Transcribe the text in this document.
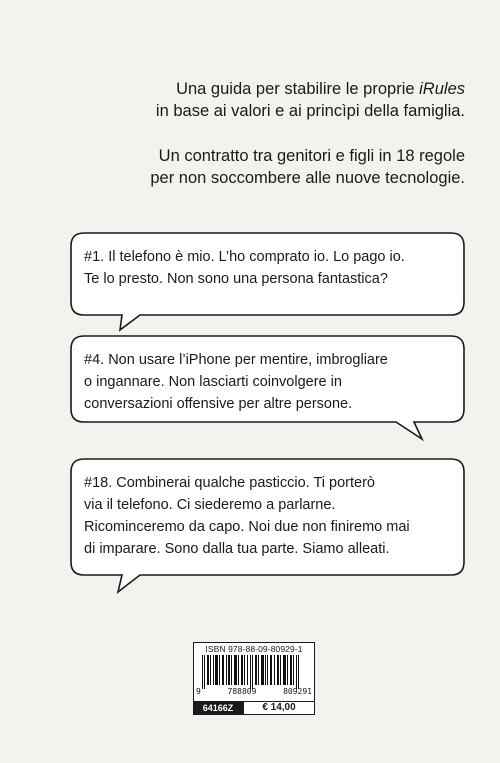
Una guida per stabilire le proprie iRules

in base ai valori e ai princìpi della famiglia.

Un contratto tra genitori e figli in 18 regole

per non soccombere alle nuove tecnologie.

#1. Il telefono è mio. L’ho comprato io. Lo pago io.

Te lo presto. Non sono una persona fantastica?

#4. Non usare l’iPhone per mentire, imbrogliare

o ingannare. Non lasciarti coinvolgere in

conversazioni offensive per altre persone.

#18. Combinerai qualche pasticcio. Ti porterò

via il telefono. Ci siederemo a parlarne.

Ricominceremo da capo. Noi due non finiremo mai

di imparare. Sono dalla tua parte. Siamo alleati.

ISBN 978-88-09-80929-1
9	788809	809291
64166Z	€ 14,00
